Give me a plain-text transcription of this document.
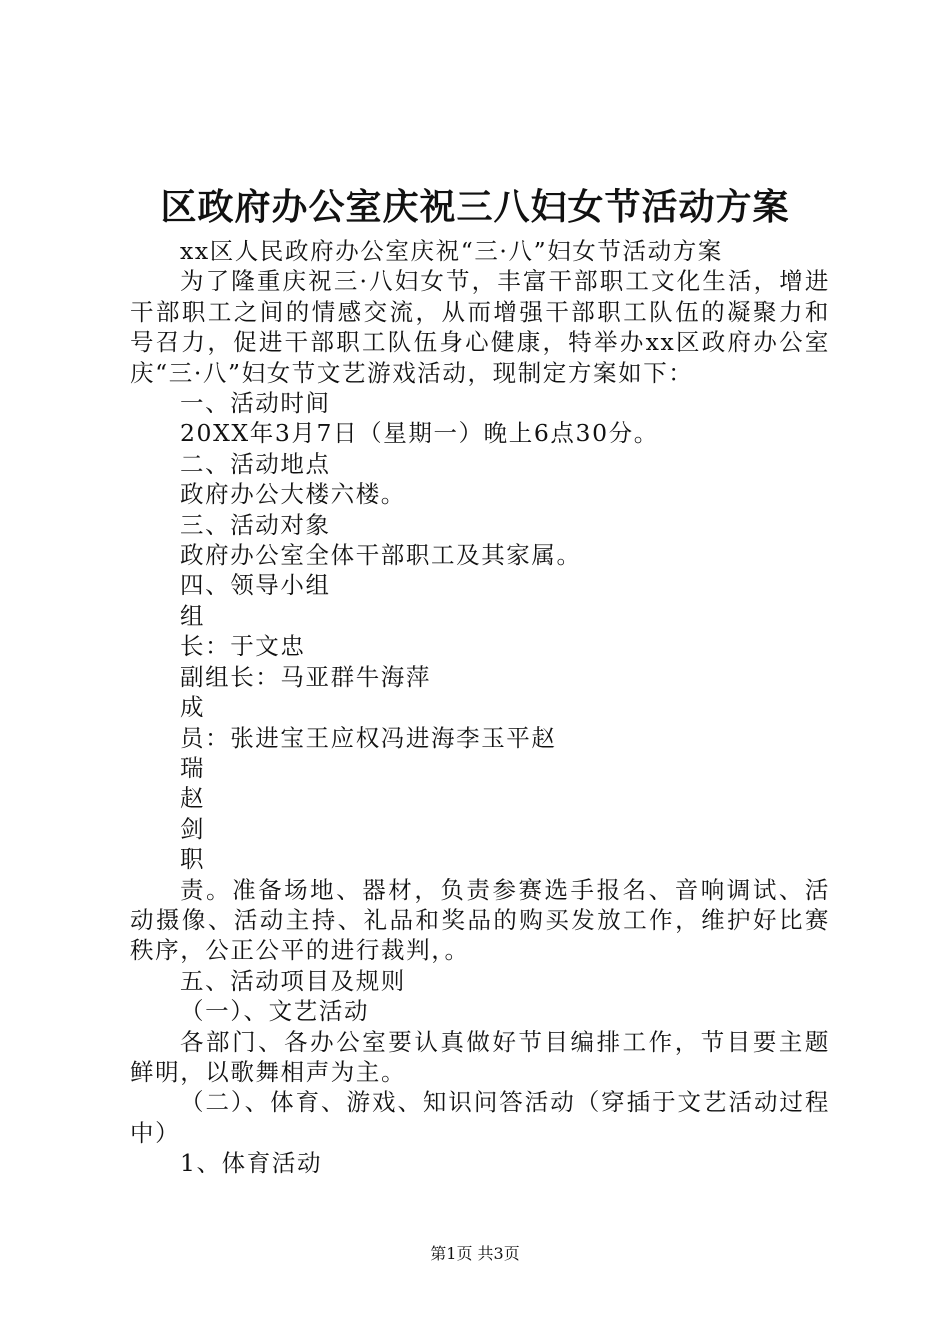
区政府办公室庆祝三八妇女节活动方案

xx区人民政府办公室庆祝“三·八”妇女节活动方案

为了隆重庆祝三·八妇女节，丰富干部职工文化生活，增进干部职工之间的情感交流，从而增强干部职工队伍的凝聚力和号召力，促进干部职工队伍身心健康，特举办xx区政府办公室庆“三·八”妇女节文艺游戏活动，现制定方案如下：

一、活动时间

20XX年3月7日（星期一）晚上6点30分。

二、活动地点

政府办公大楼六楼。

三、活动对象

政府办公室全体干部职工及其家属。

四、领导小组

组

长：于文忠

副组长：马亚群牛海萍

成

员：张进宝王应权冯进海李玉平赵

瑞

赵

剑

职

责。准备场地、器材，负责参赛选手报名、音响调试、活动摄像、活动主持、礼品和奖品的购买发放工作，维护好比赛秩序，公正公平的进行裁判，。

五、活动项目及规则

（一）、文艺活动

各部门、各办公室要认真做好节目编排工作，节目要主题鲜明，以歌舞相声为主。

（二）、体育、游戏、知识问答活动（穿插于文艺活动过程中）

1、体育活动

第1页 共3页
